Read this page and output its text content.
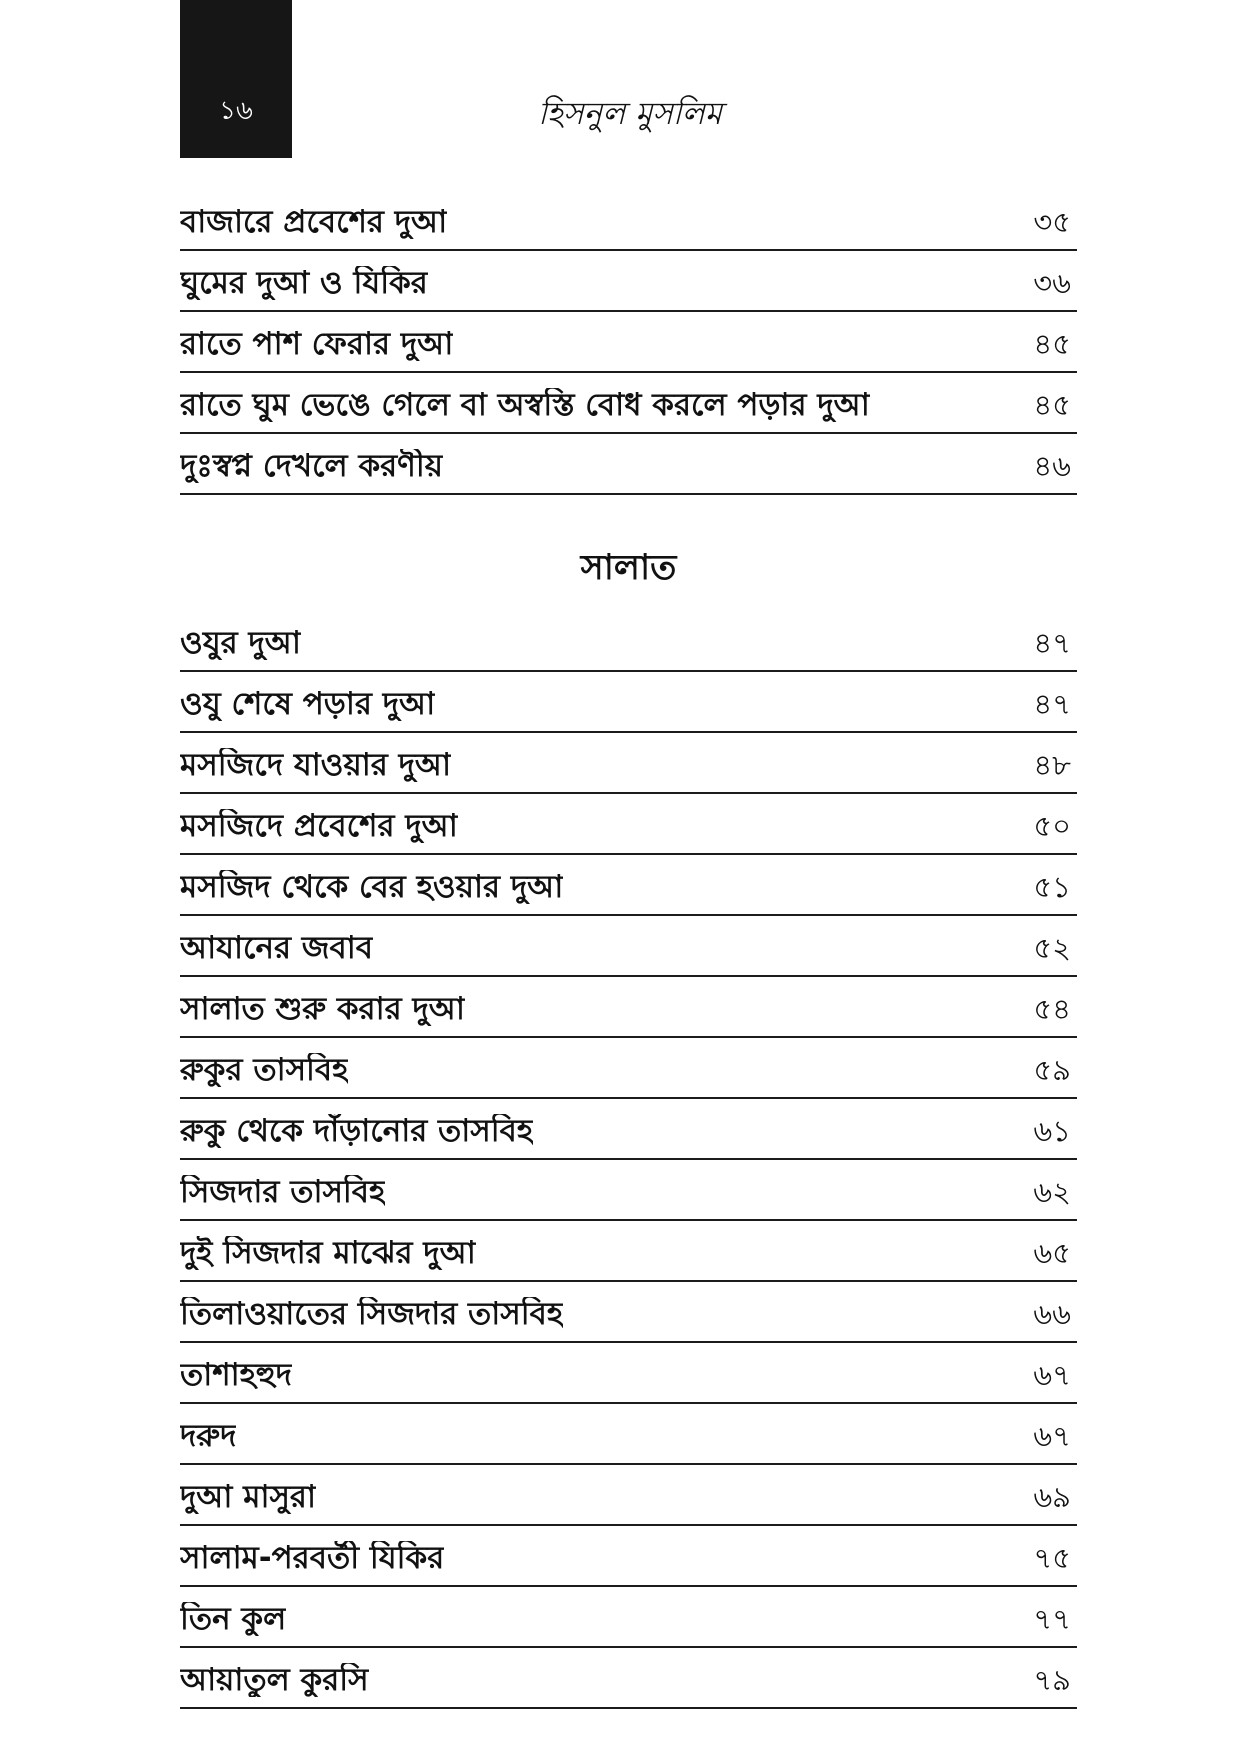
১৬	হিসনুল মুসলিম
বাজারে প্রবেশের দুআ	৩৫
ঘুমের দুআ ও যিকির	৩৬
রাতে পাশ ফেরার দুআ	৪৫
রাতে ঘুম ভেঙে গেলে বা অস্বস্তি বোধ করলে পড়ার দুআ	৪৫
দুঃস্বপ্ন দেখলে করণীয়	৪৬
সালাত
ওযুর দুআ	৪৭
ওযু শেষে পড়ার দুআ	৪৭
মসজিদে যাওয়ার দুআ	৪৮
মসজিদে প্রবেশের দুআ	৫০
মসজিদ থেকে বের হওয়ার দুআ	৫১
আযানের জবাব	৫২
সালাত শুরু করার দুআ	৫৪
রুকুর তাসবিহ	৫৯
রুকু থেকে দাঁড়ানোর তাসবিহ	৬১
সিজদার তাসবিহ	৬২
দুই সিজদার মাঝের দুআ	৬৫
তিলাওয়াতের সিজদার তাসবিহ	৬৬
তাশাহহুদ	৬৭
দরুদ	৬৭
দুআ মাসুরা	৬৯
সালাম-পরবর্তী যিকির	৭৫
তিন কুল	৭৭
আয়াতুল কুরসি	৭৯
